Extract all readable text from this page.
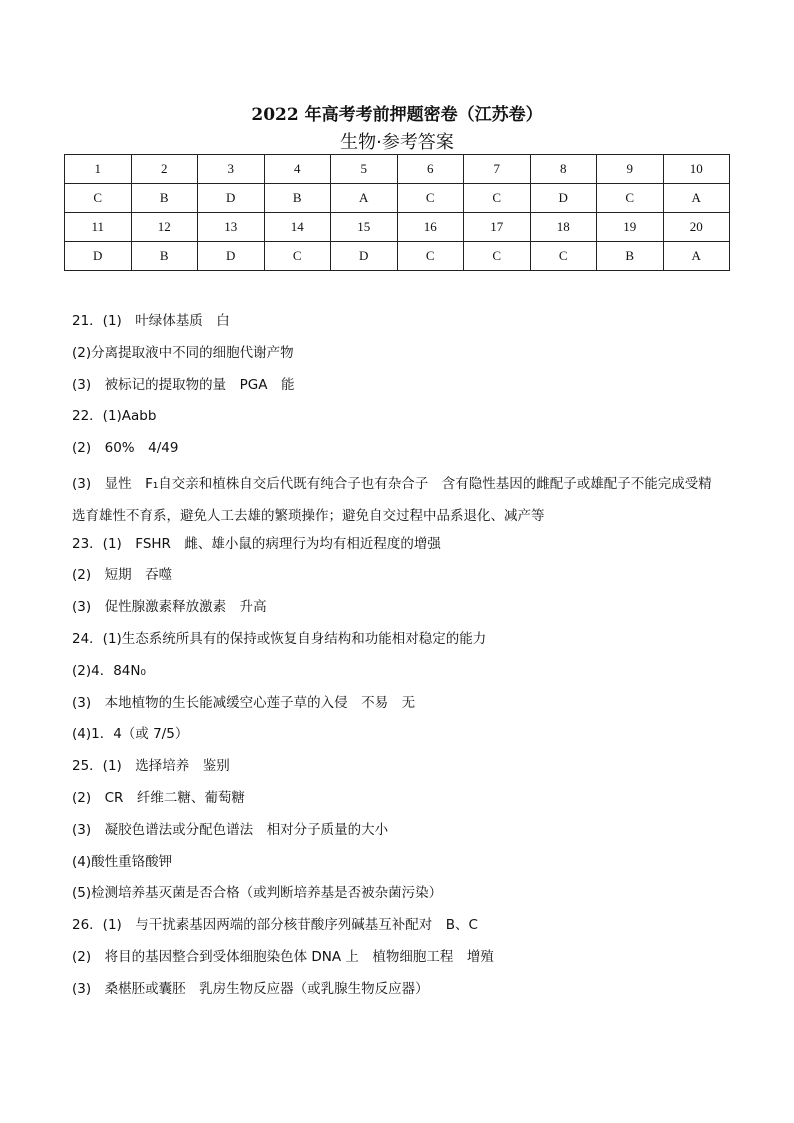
2022 年高考考前押题密卷（江苏卷）
生物·参考答案
1	2	3	4	5	6	7	8	9	10
C	B	D	B	A	C	C	D	C	A
11	12	13	14	15	16	17	18	19	20
D	B	D	C	D	C	C	C	B	A
21．(1)　叶绿体基质　白
(2)分离提取液中不同的细胞代谢产物
(3)　被标记的提取物的量　PGA　能
22．(1)Aabb
(2)　60%　4/49
(3)　显性　F₁自交亲和植株自交后代既有纯合子也有杂合子　含有隐性基因的雌配子或雄配子不能完成受精　选育雄性不育系，避免人工去雄的繁琐操作；避免自交过程中品系退化、减产等
23．(1)　FSHR　雌、雄小鼠的病理行为均有相近程度的增强
(2)　短期　吞噬
(3)　促性腺激素释放激素　升高
24．(1)生态系统所具有的保持或恢复自身结构和功能相对稳定的能力
(2)4．84N₀
(3)　本地植物的生长能减缓空心莲子草的入侵　不易　无
(4)1．4（或 7/5）
25．(1)　选择培养　鉴别
(2)　CR　纤维二糖、葡萄糖
(3)　凝胶色谱法或分配色谱法　相对分子质量的大小
(4)酸性重铬酸钾
(5)检测培养基灭菌是否合格（或判断培养基是否被杂菌污染）
26．(1)　与干扰素基因两端的部分核苷酸序列碱基互补配对　B、C
(2)　将目的基因整合到受体细胞染色体 DNA 上　植物细胞工程　增殖
(3)　桑椹胚或囊胚　乳房生物反应器（或乳腺生物反应器）
